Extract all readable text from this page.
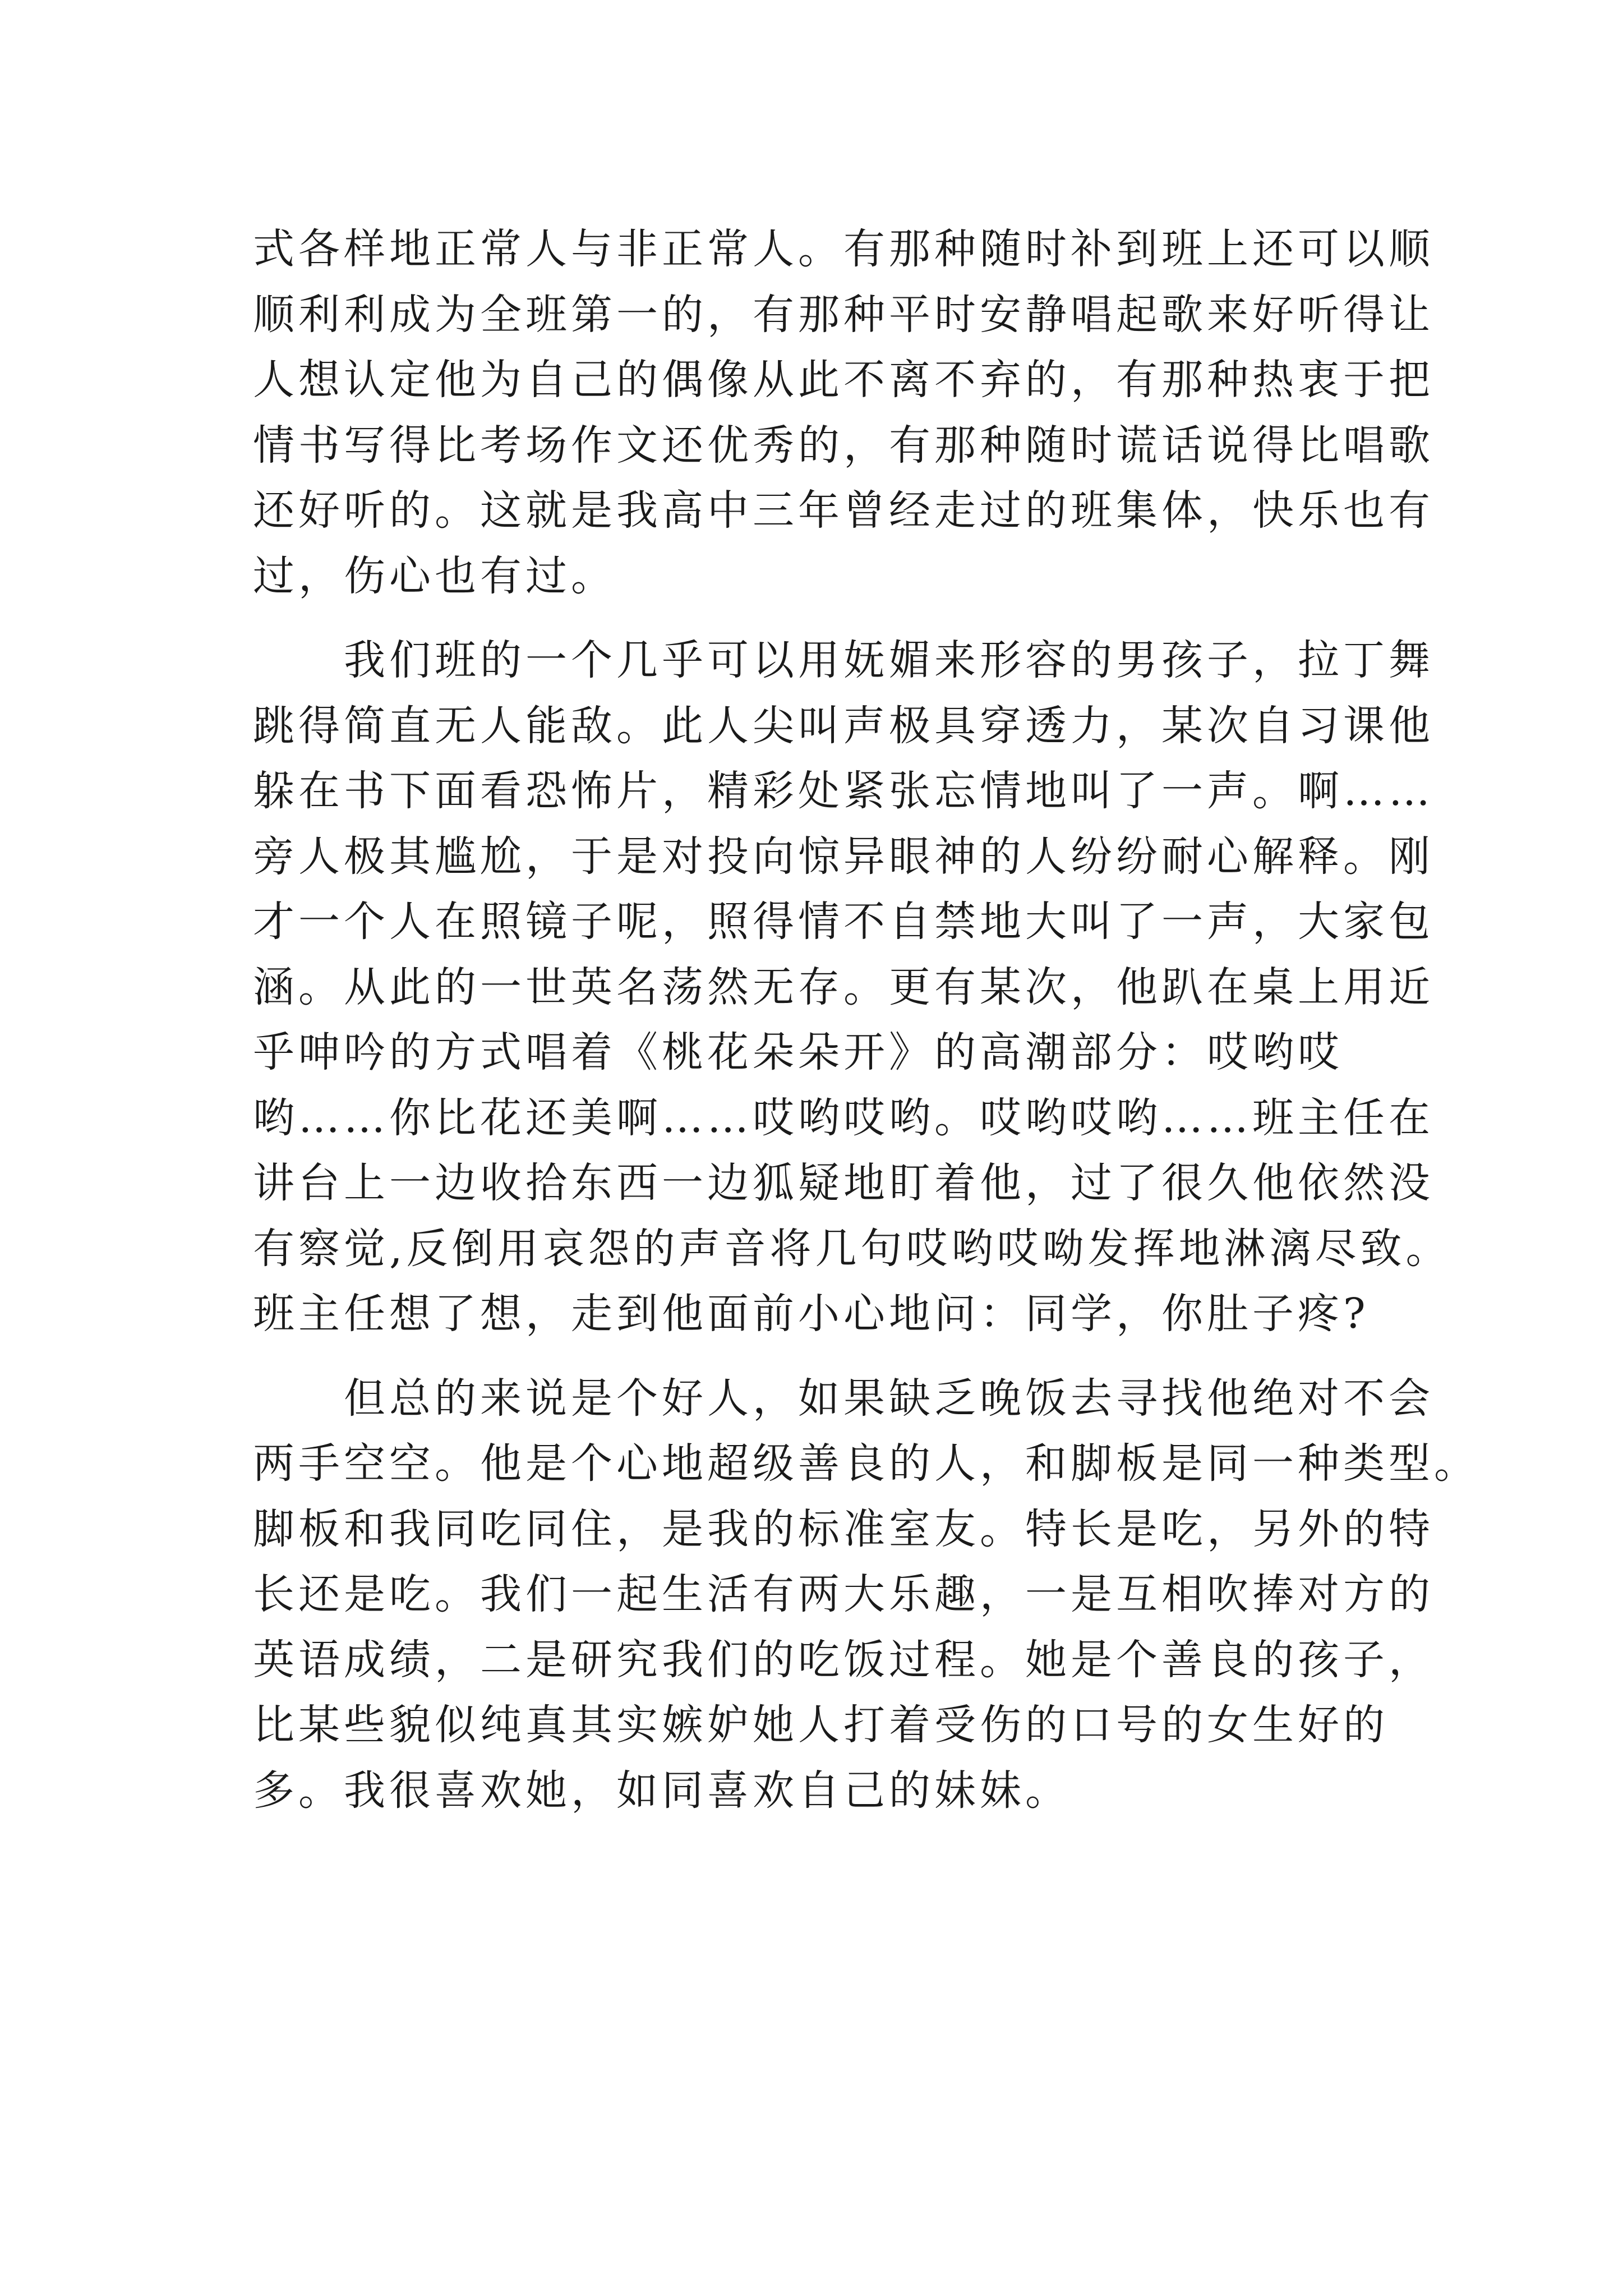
式各样地正常人与非正常人。有那种随时补到班上还可以顺
顺利利成为全班第一的，有那种平时安静唱起歌来好听得让
人想认定他为自己的偶像从此不离不弃的，有那种热衷于把
情书写得比考场作文还优秀的，有那种随时谎话说得比唱歌
还好听的。这就是我高中三年曾经走过的班集体，快乐也有
过，伤心也有过。
　　我们班的一个几乎可以用妩媚来形容的男孩子，拉丁舞
跳得简直无人能敌。此人尖叫声极具穿透力，某次自习课他
躲在书下面看恐怖片，精彩处紧张忘情地叫了一声。啊……
旁人极其尴尬，于是对投向惊异眼神的人纷纷耐心解释。刚
才一个人在照镜子呢，照得情不自禁地大叫了一声，大家包
涵。从此的一世英名荡然无存。更有某次，他趴在桌上用近
乎呻吟的方式唱着《桃花朵朵开》的高潮部分：哎哟哎
哟……你比花还美啊……哎哟哎哟。哎哟哎哟……班主任在
讲台上一边收拾东西一边狐疑地盯着他，过了很久他依然没
有察觉,反倒用哀怨的声音将几句哎哟哎呦发挥地淋漓尽致。
班主任想了想，走到他面前小心地问：同学，你肚子疼?
　　但总的来说是个好人，如果缺乏晚饭去寻找他绝对不会
两手空空。他是个心地超级善良的人，和脚板是同一种类型。
脚板和我同吃同住，是我的标准室友。特长是吃，另外的特
长还是吃。我们一起生活有两大乐趣，一是互相吹捧对方的
英语成绩，二是研究我们的吃饭过程。她是个善良的孩子，
比某些貌似纯真其实嫉妒她人打着受伤的口号的女生好的
多。我很喜欢她，如同喜欢自己的妹妹。
